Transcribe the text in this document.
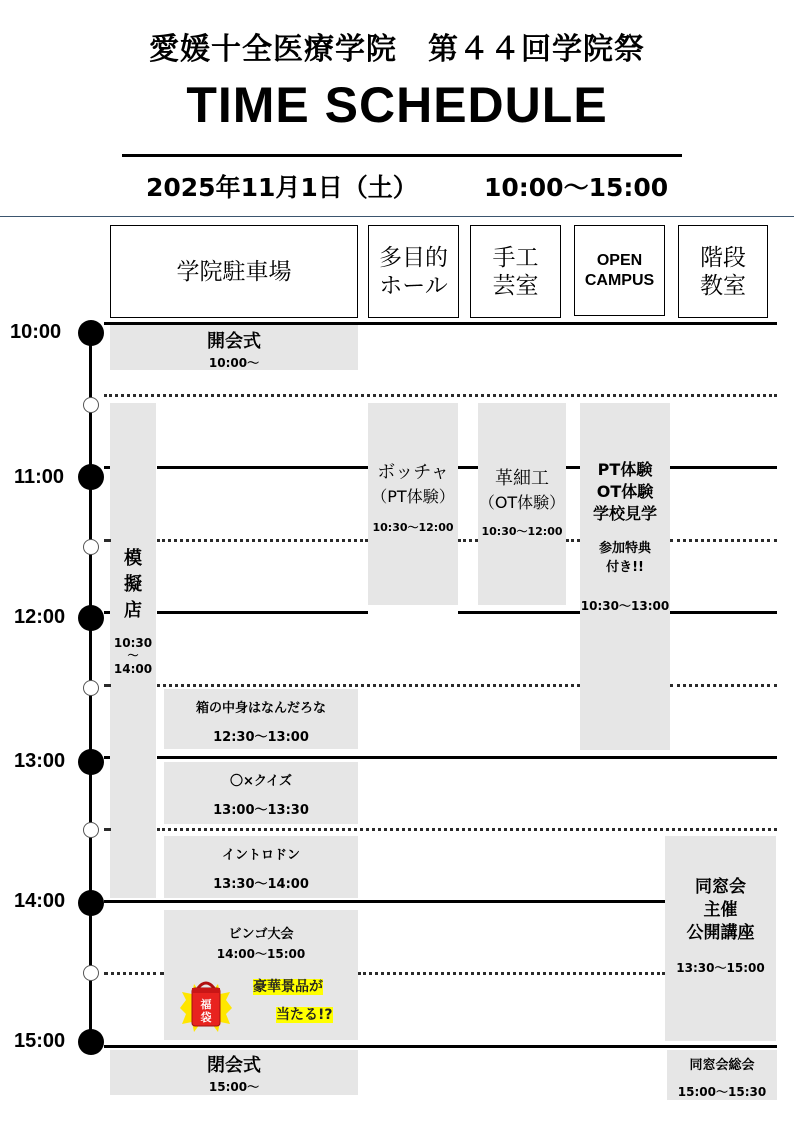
愛媛十全医療学院　第４４回学院祭
TIME SCHEDULE
2025年11月1日（土）	10:00〜15:00
学院駐車場
多目的
ホール
手工
芸室
OPEN
CAMPUS
階段
教室
開会式
10:00〜
模
擬
店
10:30
〜
14:00
ボッチャ
（PT体験）
10:30〜12:00
革細工
（OT体験）
10:30〜12:00
PT体験
OT体験
学校見学
参加特典
付き!!
10:30〜13:00
箱の中身はなんだろな
12:30〜13:00
〇×クイズ
13:00〜13:30
イントロドン
13:30〜14:00
ビンゴ大会
14:00〜15:00
福
袋
豪華景品が
当たる!?
同窓会
主催
公開講座
13:30〜15:00
閉会式
15:00〜
同窓会総会
15:00〜15:30
10:00
11:00
12:00
13:00
14:00
15:00
